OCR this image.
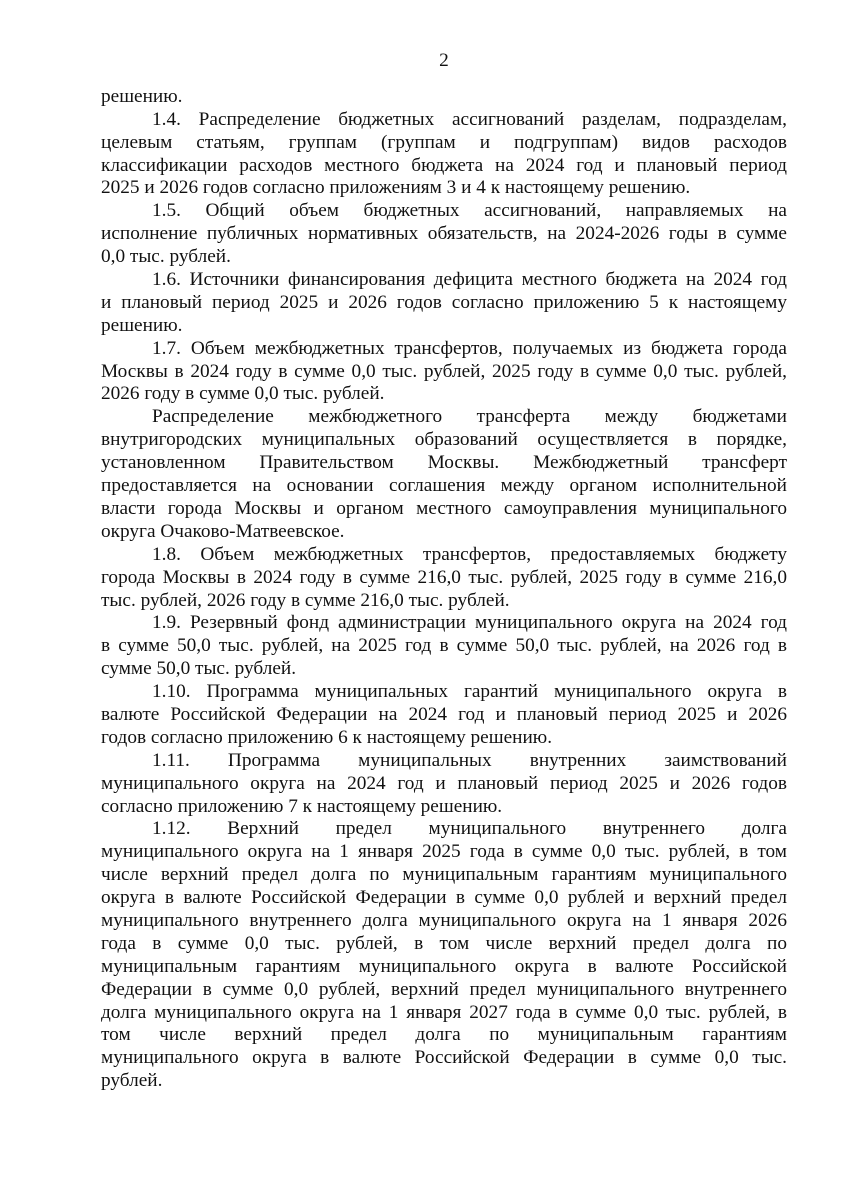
2
решению.
1.4. Распределение бюджетных ассигнований разделам, подразделам,
целевым статьям, группам (группам и подгруппам) видов расходов
классификации расходов местного бюджета на 2024 год и плановый период
2025 и 2026 годов согласно приложениям 3 и 4 к настоящему решению.
1.5. Общий объем бюджетных ассигнований, направляемых на
исполнение публичных нормативных обязательств, на 2024-2026 годы в сумме
0,0 тыс. рублей.
1.6. Источники финансирования дефицита местного бюджета на 2024 год
и плановый период 2025 и 2026 годов согласно приложению 5 к настоящему
решению.
1.7. Объем межбюджетных трансфертов, получаемых из бюджета города
Москвы в 2024 году в сумме 0,0 тыс. рублей, 2025 году в сумме 0,0 тыс. рублей,
2026 году в сумме 0,0 тыс. рублей.
Распределение межбюджетного трансферта между бюджетами
внутригородских муниципальных образований осуществляется в порядке,
установленном Правительством Москвы. Межбюджетный трансферт
предоставляется на основании соглашения между органом исполнительной
власти города Москвы и органом местного самоуправления муниципального
округа Очаково-Матвеевское.
1.8. Объем межбюджетных трансфертов, предоставляемых бюджету
города Москвы в 2024 году в сумме 216,0 тыс. рублей, 2025 году в сумме 216,0
тыс. рублей, 2026 году в сумме 216,0 тыс. рублей.
1.9. Резервный фонд администрации муниципального округа на 2024 год
в сумме 50,0 тыс. рублей, на 2025 год в сумме 50,0 тыс. рублей, на 2026 год в
сумме 50,0 тыс. рублей.
1.10. Программа муниципальных гарантий муниципального округа в
валюте Российской Федерации на 2024 год и плановый период 2025 и 2026
годов согласно приложению 6 к настоящему решению.
1.11. Программа муниципальных внутренних заимствований
муниципального округа на 2024 год и плановый период 2025 и 2026 годов
согласно приложению 7 к настоящему решению.
1.12. Верхний предел муниципального внутреннего долга
муниципального округа на 1 января 2025 года в сумме 0,0 тыс. рублей, в том
числе верхний предел долга по муниципальным гарантиям муниципального
округа в валюте Российской Федерации в сумме 0,0 рублей и верхний предел
муниципального внутреннего долга муниципального округа на 1 января 2026
года в сумме 0,0 тыс. рублей, в том числе верхний предел долга по
муниципальным гарантиям муниципального округа в валюте Российской
Федерации в сумме 0,0 рублей, верхний предел муниципального внутреннего
долга муниципального округа на 1 января 2027 года в сумме 0,0 тыс. рублей, в
том числе верхний предел долга по муниципальным гарантиям
муниципального округа в валюте Российской Федерации в сумме 0,0 тыс.
рублей.
